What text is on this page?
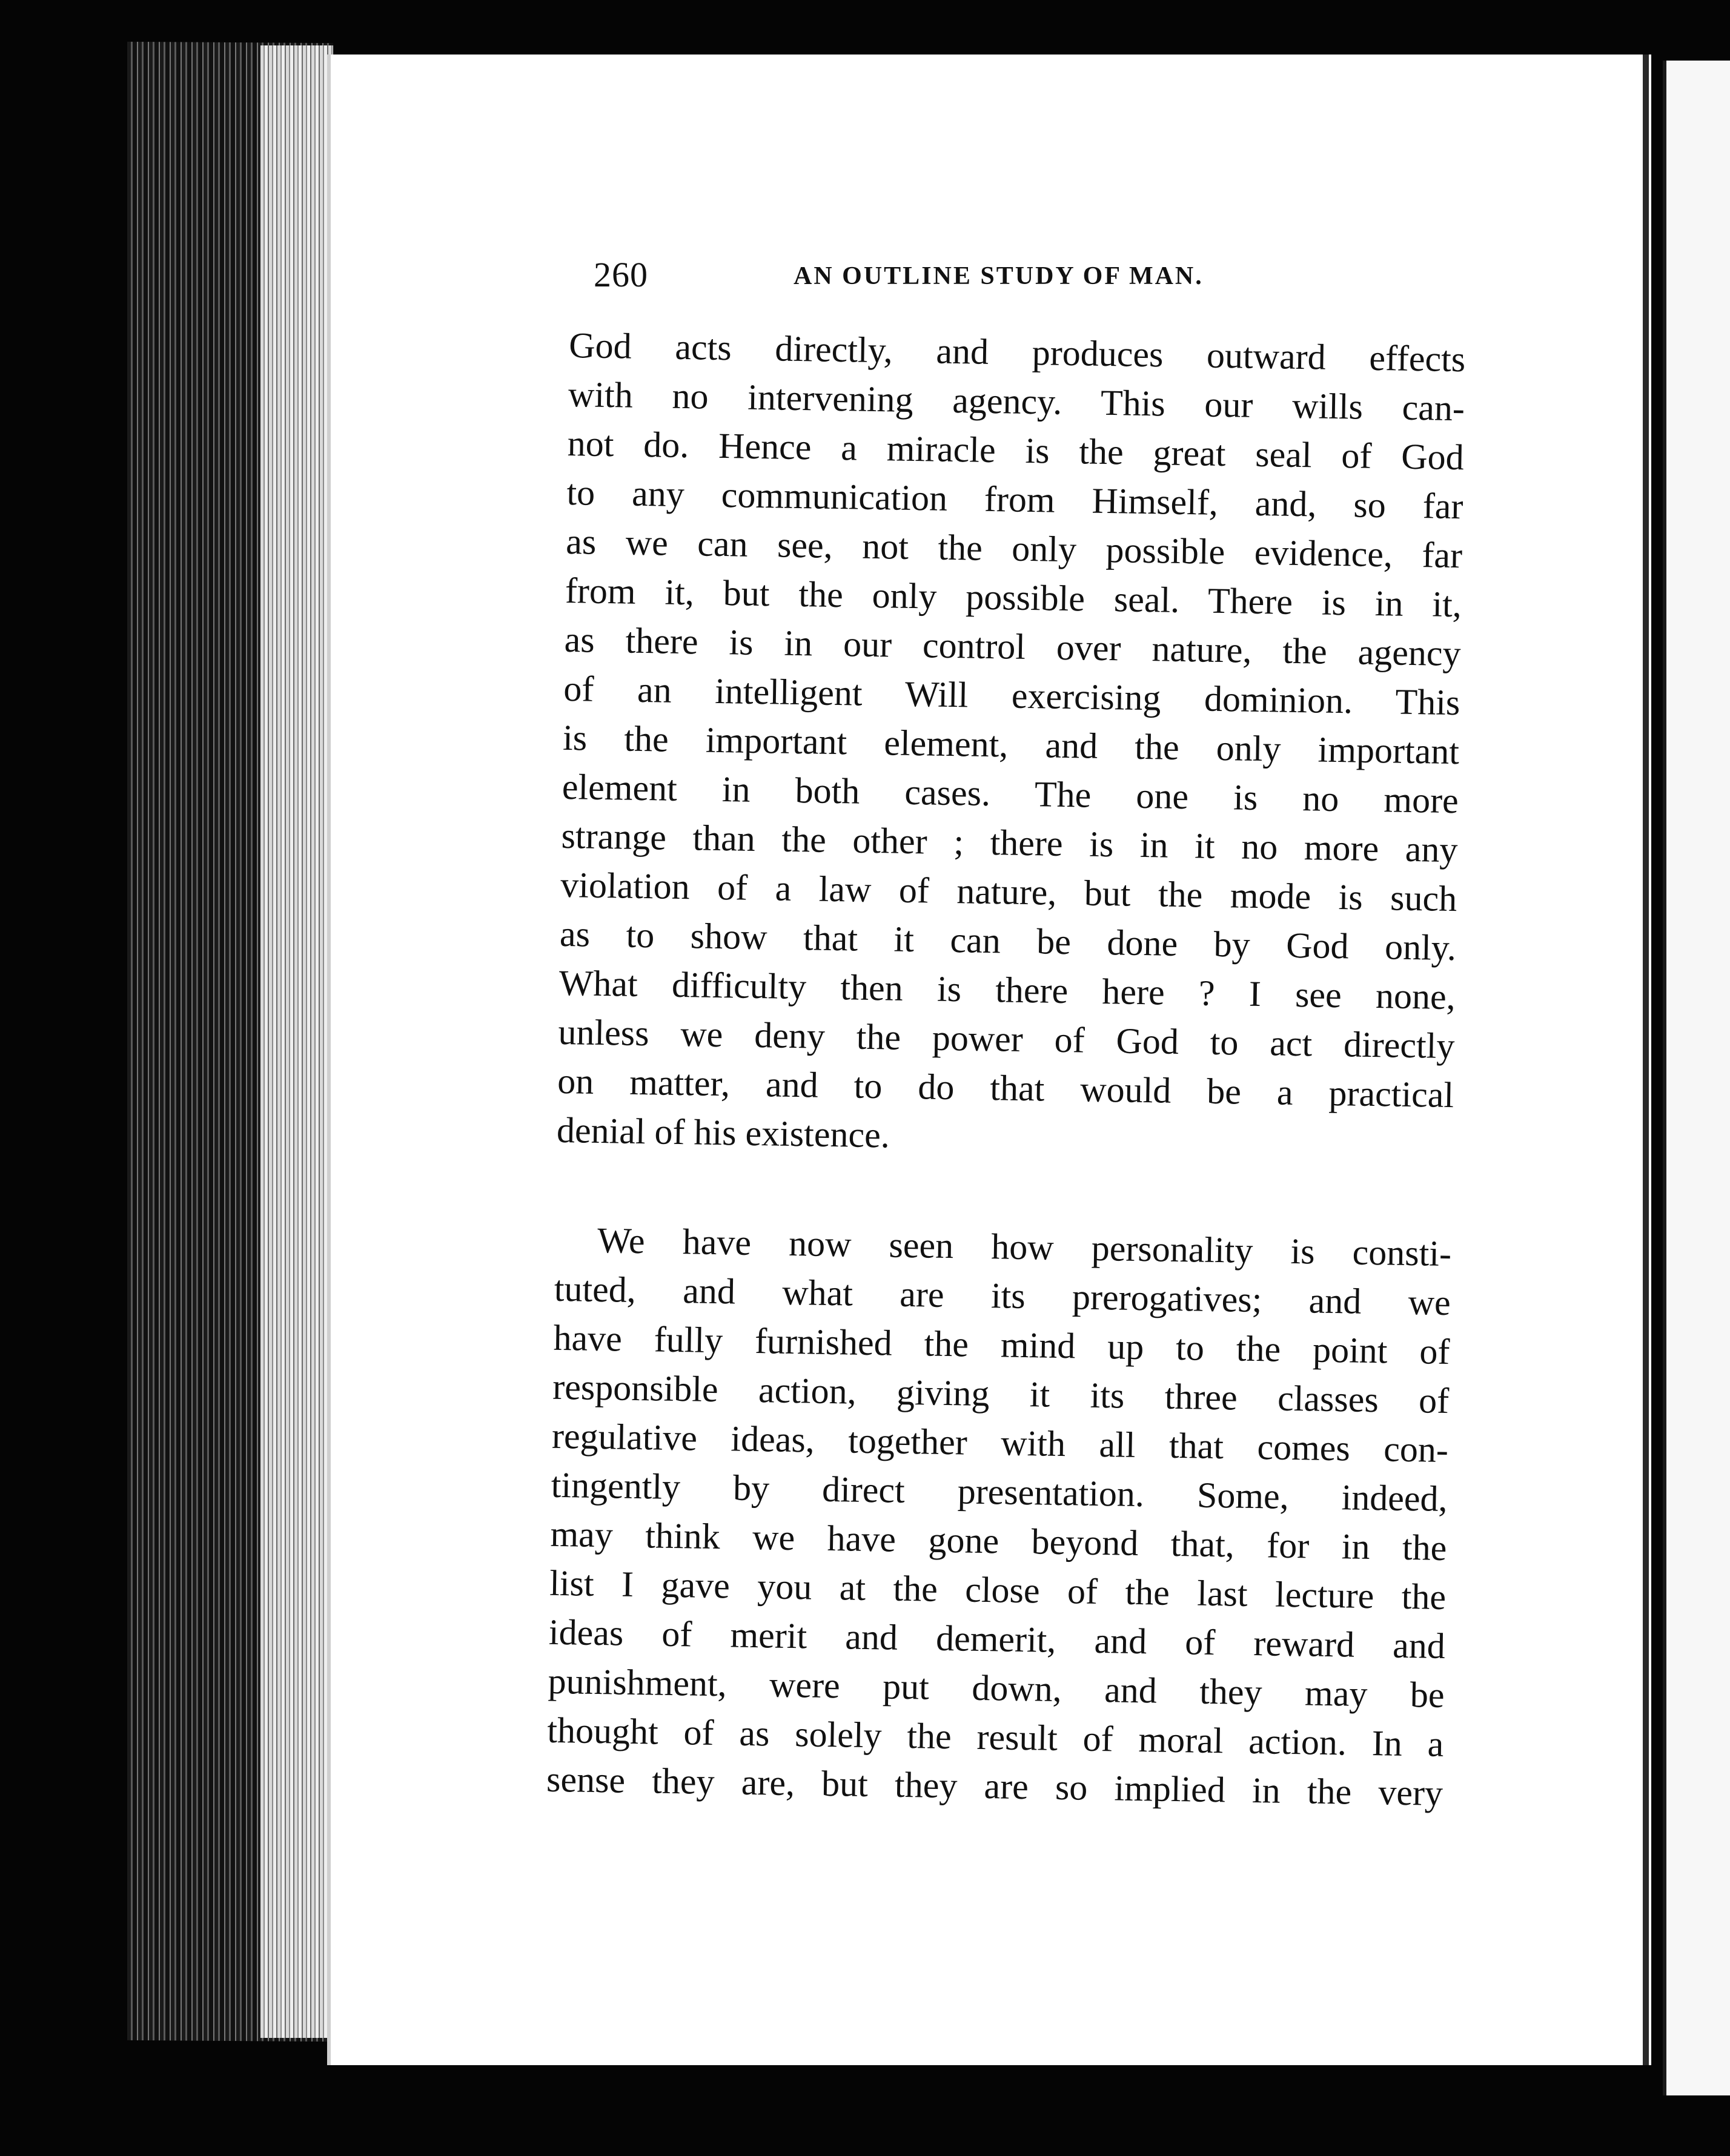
260	AN OUTLINE STUDY OF MAN.
God acts directly, and produces outward effects
with no intervening agency. This our wills can-
not do. Hence a miracle is the great seal of God
to any communication from Himself, and, so far
as we can see, not the only possible evidence, far
from it, but the only possible seal. There is in it,
as there is in our control over nature, the agency
of an intelligent Will exercising dominion. This
is the important element, and the only important
element in both cases. The one is no more
strange than the other ; there is in it no more any
violation of a law of nature, but the mode is such
as to show that it can be done by God only.
What difficulty then is there here ? I see none,
unless we deny the power of God to act directly
on matter, and to do that would be a practical
denial of his existence.
We have now seen how personality is consti-
tuted, and what are its prerogatives; and we
have fully furnished the mind up to the point of
responsible action, giving it its three classes of
regulative ideas, together with all that comes con-
tingently by direct presentation. Some, indeed,
may think we have gone beyond that, for in the
list I gave you at the close of the last lecture the
ideas of merit and demerit, and of reward and
punishment, were put down, and they may be
thought of as solely the result of moral action. In a
sense they are, but they are so implied in the very
